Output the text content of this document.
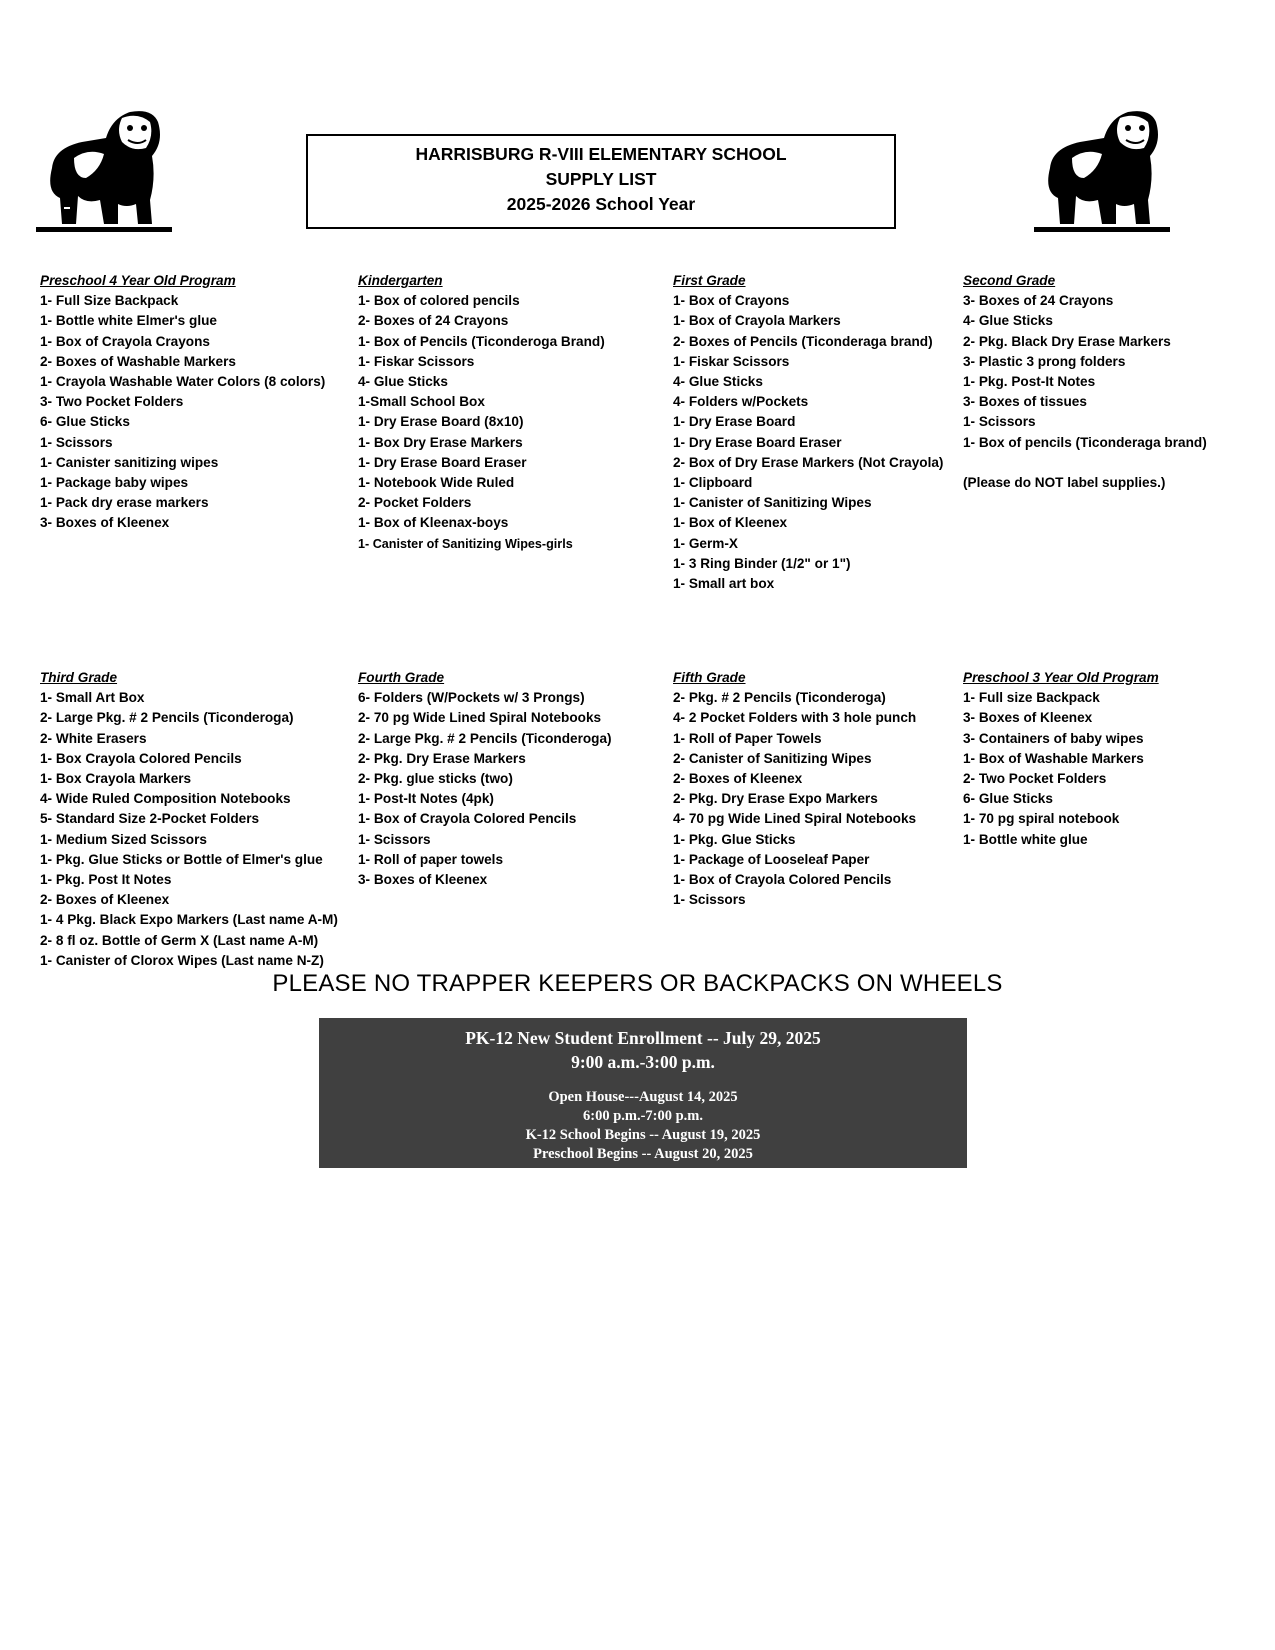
HARRISBURG R-VIII ELEMENTARY SCHOOL
SUPPLY LIST
2025-2026 School Year
Preschool 4 Year Old Program
1- Full Size Backpack
1- Bottle white Elmer's glue
1- Box of Crayola Crayons
2- Boxes of Washable Markers
1- Crayola Washable Water Colors (8 colors)
3- Two Pocket Folders
6- Glue Sticks
1- Scissors
1- Canister sanitizing wipes
1- Package baby wipes
1- Pack dry erase markers
3- Boxes of Kleenex
Kindergarten
1- Box of colored pencils
2- Boxes of 24 Crayons
1- Box of Pencils (Ticonderoga Brand)
1- Fiskar Scissors
4- Glue Sticks
1-Small School Box
1- Dry Erase Board (8x10)
1- Box Dry Erase Markers
1- Dry Erase Board Eraser
1- Notebook Wide Ruled
2- Pocket Folders
1- Box of Kleenax-boys
1- Canister of Sanitizing Wipes-girls
First Grade
1- Box of Crayons
1- Box of Crayola Markers
2- Boxes of Pencils (Ticonderaga brand)
1- Fiskar Scissors
4- Glue Sticks
4- Folders w/Pockets
1- Dry Erase Board
1- Dry Erase Board Eraser
2- Box of Dry Erase Markers (Not Crayola)
1- Clipboard
1- Canister of Sanitizing Wipes
1- Box of Kleenex
1- Germ-X
1- 3 Ring Binder (1/2" or 1")
1- Small art box
Second Grade
3- Boxes of 24 Crayons
4- Glue Sticks
2- Pkg. Black Dry Erase Markers
3- Plastic 3 prong folders
1- Pkg. Post-It Notes
3- Boxes of tissues
1- Scissors
1- Box of pencils (Ticonderaga brand)
(Please do NOT label supplies.)
Third Grade
1- Small Art Box
2- Large Pkg. # 2 Pencils (Ticonderoga)
2- White Erasers
1- Box Crayola Colored Pencils
1- Box Crayola Markers
4- Wide Ruled Composition Notebooks
5- Standard Size 2-Pocket Folders
1- Medium Sized Scissors
1- Pkg. Glue Sticks or Bottle of Elmer's glue
1- Pkg. Post It Notes
2- Boxes of Kleenex
1- 4 Pkg. Black Expo Markers (Last name A-M)
2- 8 fl oz. Bottle of Germ X (Last name A-M)
1- Canister of Clorox Wipes (Last name N-Z)
Fourth Grade
6- Folders (W/Pockets w/ 3 Prongs)
2- 70 pg Wide Lined Spiral Notebooks
2- Large Pkg. # 2 Pencils (Ticonderoga)
2- Pkg. Dry Erase Markers
2- Pkg. glue sticks (two)
1- Post-It Notes (4pk)
1- Box of Crayola Colored Pencils
1- Scissors
1- Roll of paper towels
3- Boxes of Kleenex
Fifth Grade
2- Pkg. # 2 Pencils (Ticonderoga)
4- 2 Pocket Folders with 3 hole punch
1- Roll of Paper Towels
2- Canister of Sanitizing Wipes
2- Boxes of Kleenex
2- Pkg. Dry Erase Expo Markers
4- 70 pg Wide Lined Spiral Notebooks
1- Pkg. Glue Sticks
1- Package of Looseleaf Paper
1- Box of Crayola Colored Pencils
1- Scissors
Preschool 3 Year Old Program
1- Full size Backpack
3- Boxes of Kleenex
3- Containers of baby wipes
1- Box of Washable Markers
2- Two Pocket Folders
6- Glue Sticks
1- 70 pg spiral notebook
1- Bottle white glue
PLEASE NO TRAPPER KEEPERS OR BACKPACKS ON WHEELS
PK-12 New Student Enrollment -- July 29, 2025
9:00 a.m.-3:00 p.m.
Open House---August 14, 2025
6:00 p.m.-7:00 p.m.
K-12 School Begins -- August 19, 2025
Preschool Begins -- August 20, 2025
